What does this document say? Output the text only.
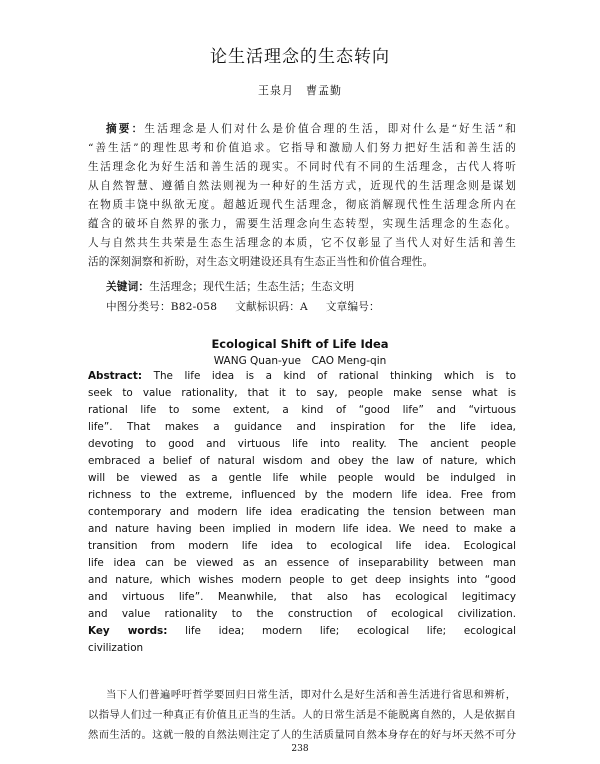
论生活理念的生态转向
王泉月　曹孟勤
摘要：生活理念是人们对什么是价值合理的生活，即对什么是“好生活”和
“善生活”的理性思考和价值追求。它指导和激励人们努力把好生活和善生活的
生活理念化为好生活和善生活的现实。不同时代有不同的生活理念，古代人将听
从自然智慧、遵循自然法则视为一种好的生活方式，近现代的生活理念则是谋划
在物质丰饶中纵欲无度。超越近现代生活理念，彻底消解现代性生活理念所内在
蕴含的破坏自然界的张力，需要生活理念向生态转型，实现生活理念的生态化。
人与自然共生共荣是生态生活理念的本质，它不仅彰显了当代人对好生活和善生
活的深刻洞察和祈盼，对生态文明建设还具有生态正当性和价值合理性。
关键词：生活理念；现代生活；生态生活；生态文明
中图分类号：B82-058 文献标识码：A 文章编号：
Ecological Shift of Life Idea
WANG Quan-yue　CAO Meng-qin
Abstract: The life idea is a kind of rational thinking which is to
seek to value rationality, that it to say, people make sense what is
rational life to some extent, a kind of “good life” and “virtuous
life”. That makes a guidance and inspiration for the life idea,
devoting to good and virtuous life into reality. The ancient people
embraced a belief of natural wisdom and obey the law of nature, which
will be viewed as a gentle life while people would be indulged in
richness to the extreme, influenced by the modern life idea. Free from
contemporary and modern life idea eradicating the tension between man
and nature having been implied in modern life idea. We need to make a
transition from modern life idea to ecological life idea. Ecological
life idea can be viewed as an essence of inseparability between man
and nature, which wishes modern people to get deep insights into “good
and virtuous life”. Meanwhile, that also has ecological legitimacy
and value rationality to the construction of ecological civilization.
Key words: life idea; modern life; ecological life; ecological
civilization
当下人们普遍呼吁哲学要回归日常生活，即对什么是好生活和善生活进行省思和辨析，
以指导人们过一种真正有价值且正当的生活。人的日常生活是不能脱离自然的，人是依据自
然而生活的。这就一般的自然法则注定了人的生活质量同自然本身存在的好与坏天然不可分
238
